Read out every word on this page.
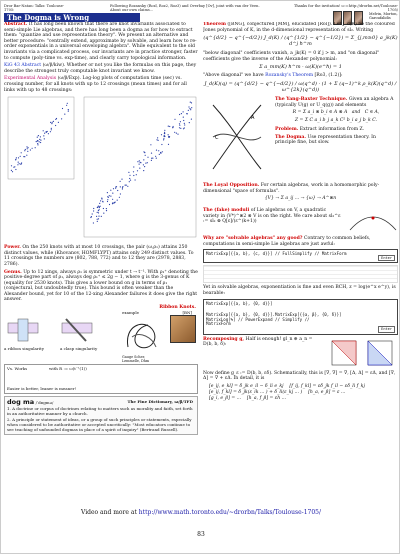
Dror Bar-Natan: Talks: Toulouse-1705:
Following Rozansky (Rozl, Roz2, Roz3) and Overbay [Ov], joint with van der Veen. About our own claims...
Thanks for the invitation! ω:=http://drorbn.net/Toulouse-1705/

Melvin, Morton, Garoufalidis
The Dogma is Wrong
Abstract. It has long been known that there are knot invariants associated to semi-simple Lie algebras, and there has long been a dogma as for how to extract them: "quantize and use representation theory". We present an alternative and better procedure: "centrally extend, approximate by solvable, and learn how to re-order exponentials in a universal enveloping algebra". While equivalent to the old invariants via a complicated process, our invariants are in practice stronger, faster to compute (poly-time vs. exp-time), and clearly carry topological information.
KiG 43 Abstract (ω/β/kiw). Whether or not you like the formulas on this page, they describe the strongest truly computable knot invariant we know.
Experimental Analysis (ω/β/Exp). Log-log plots of computation time (sec) vs. crossing number, for all knots with up to 12 crossings (mean times) and for all links with up to 48 crossings:
Power. On the 250 knots with at most 10 crossings, the pair (ω,ρ₁) attains 250 distinct values, while (Khovanov, HOMFLYPT) attains only 249 distinct values. To 11 crossings the numbers are (802, 788, 772) and to 12 they are (2978, 2883, 2786).
Genus. Up to 12 xings, always ρ₁ is symmetric under t → t⁻¹. With ρ₁⁺ denoting the positive-degree part of ρ₁, always deg ρ₁⁺ ≤ 2g − 1, where g is the 3-genus of K (equality for 2530 knots). This gives a lower bound on g in terms of ρ₁ (conjectural, but undoubtedly true). This bound is often weaker than the Alexander bound, yet for 10 of the 12-xing Alexander failures it does give the right answer.
Ribbon Knots.
example	[BN]
a ribbon singularity	a clasp singularity
Gauge Scher, Lemmelle, Dhm
Vs. Works	with R := ω(t⁻¹(1))
Easier is better, leaner is meaner!
dog ma /ˈdɒɡmə/	The Fine Dictionary, ω/β/TFD
1. A doctrine or corpus of doctrines relating to matters such as morality and faith, set forth in an authoritative manner by a church.
2. A principle or statement of ideas, or a group of such principles or statements, especially when considered to be authoritative or accepted uncritically: "Most educators continue to see teaching of unfounded dogmas in place of a spirit of inquiry" (Bertrand Russell).
Theorem ([BNG], conjectured [MM], elucidated [Rol]). Let J_d(K) be the coloured Jones polynomial of K, in the d-dimensional representation of sl₂. Writing
(q^{d/2} − q^{−d/2}) J_d(K) / (q^{1/2} − q^{−1/2}) = Σ_{j,m≥0} a_jk(K) d^j ħ^m
"below diagonal" coefficients vanish, a_jk(K) = 0 if j > m, and "on diagonal" coefficients give the inverse of the Alexander polynomial:
Σ a_mm(K) ħ^m · ω(K)(e^ħ) = 1
"Above diagonal" we have Rozansky's Theorem [Ro3, (1.2)]:
J_d(K)(q) = (q^{d/2} − q^{−d/2}) / ω(q^d) · (1 + Σ (q−1)^k ρ_k(K)(q^d) / ω^{2k}(q^d))
C
A
The Yang-Baxter Technique. Given an algebra A (typically U(g) or U_q(g)) and elements
R = Σ a_i ⊗ b_i ∈ A ⊗ A   and   C ∈ A,
Z = Σ C a_i b_j a_k C² b_i a_j b_k C.
Problem. Extract information from Z.
The Dogma. Use representation theory. In principle fine, but slow.
The Loyal Opposition. For certain algebras, work in a homomorphic poly-dimensional "space of formulas".
{V} → Σ a_ij ... → {ω} → A^⊗n
The (fake) moduli of Lie algebras on V, a quadratic variety in (V*)^⊗2 ⊗ V is on the right. We care about sl₂^ε := sl₂ ⊗ Q[ε]/(ε^(k+1))
Why are "solvable algebras" any good? Contrary to common beliefs, computations in semi-simple Lie algebras are just awful:
MatrixExp[{{a, b}, {c, d}}] // FullSimplify // MatrixForm
Enter
Yet in solvable algebras, exponentiation is fine and even BCH, z = log(e^x e^y), is bearable:
MatrixExp[{{a, b}, {0, d}}]
MatrixExp[{{a, b}, {0, d}}].MatrixExp[{{α, β}, {0, δ}}]
MatrixLog[%] // PowerExpand // Simplify //
MatrixForm
Enter
Recomposing g, Half is enough! gl_n ⊕ a_n = D(b, b, δ):
Now define g_ε := D(b, b, εδ). Schematically, this is [∇, ∇] = ∇, [Δ, Δ] = εΔ, and [∇, Δ] = ∇ + εΔ. In detail, it is
[e_ij, e_kl] = δ_jk e_il − δ_li e_kj    [f_ij, f_kl] = εδ_jk f_il − εδ_li f_kj
[e_ij, f_kl] = δ_jk(ε_ik ... ) + δ_li(ε_kj ... )    [h_a, e_β] = ε ...
[g_i, e_β] = ...    [h_a, f_β] = εh ...
Video and more at http://www.math.toronto.edu/~drorbn/Talks/Toulouse-1705/
83
